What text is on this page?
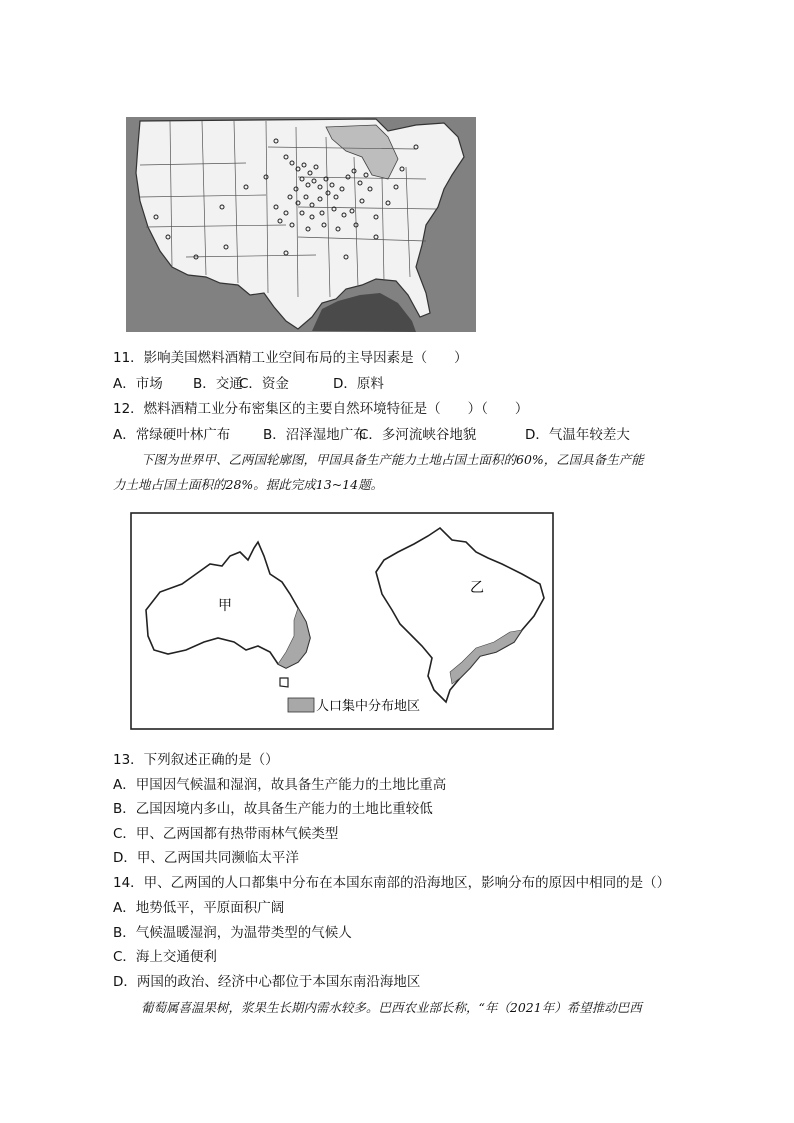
11．影响美国燃料酒精工业空间布局的主导因素是（　　）
A．市场 B．交通C．资金	D．原料
12．燃料酒精工业分布密集区的主要自然环境特征是（　　）（　　）
A．常绿硬叶林广布 B．沼泽湿地广布C．多河流峡谷地貌	D．气温年较差大
下图为世界甲、乙两国轮廓图，甲国具备生产能力土地占国土面积的60%，乙国具备生产能
力土地占国土面积的28%。据此完成13~14题。
甲
乙
人口集中分布地区
13．下列叙述正确的是（）
A．甲国因气候温和湿润，故具备生产能力的土地比重高
B．乙国因境内多山，故具备生产能力的土地比重较低
C．甲、乙两国都有热带雨林气候类型
D．甲、乙两国共同濒临太平洋
14．甲、乙两国的人口都集中分布在本国东南部的沿海地区，影响分布的原因中相同的是（）
A．地势低平，平原面积广阔
B．气候温暖湿润，为温带类型的气候人
C．海上交通便利
D．两国的政治、经济中心都位于本国东南沿海地区
葡萄属喜温果树，浆果生长期内需水较多。巴西农业部长称，“年（2021年）希望推动巴西
